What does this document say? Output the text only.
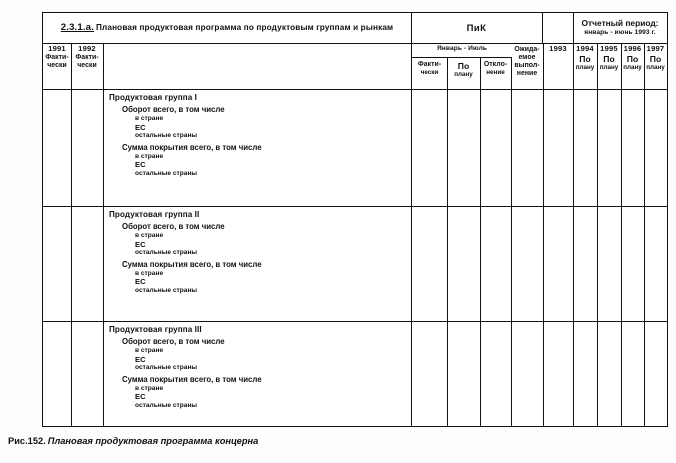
2.3.1.а. Плановая продуктовая программа по продуктовым группам и рынкам	ПиК	Отчетный период:
январь - июнь 1993 г.
1991
Факти-
чески
1992
Факти-
чески
Январь - Июль
Факти-
чески
По
плану
Откло-
нение
Ожида-
емое
выпол-
нение
1993 1994
По
плану
1995
По
плану
1996
По
плану
1997
По
плану
Продуктовая группа I
Оборот всего, в том числе
в стране
ЕС
остальные страны
Сумма покрытия всего, в том числе
в стране
ЕС
остальные страны
Продуктовая группа II
Оборот всего, в том числе
в стране
ЕС
остальные страны
Сумма покрытия всего, в том числе
в стране
ЕС
остальные страны
Продуктовая группа III
Оборот всего, в том числе
в стране
ЕС
остальные страны
Сумма покрытия всего, в том числе
в стране
ЕС
остальные страны
Рис.152. Плановая продуктовая программа концерна
